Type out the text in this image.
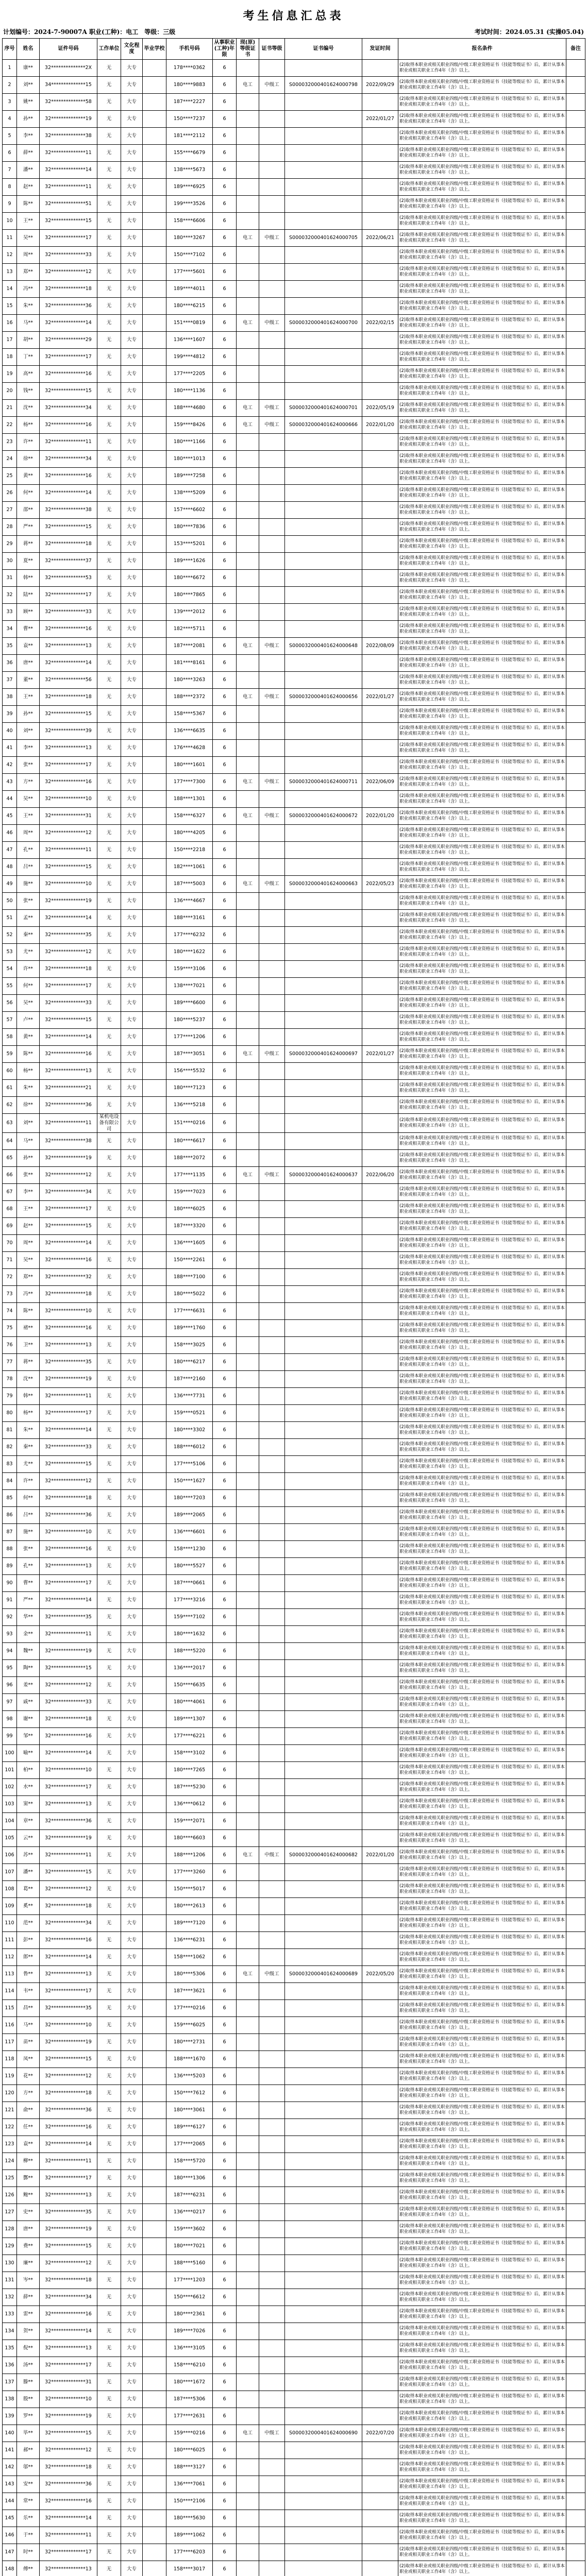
考生信息汇总表
计划编号：2024-7-90007A 职业(工种)：电工　等级：三级	考试时间：2024.05.31 (实操05.04)
序号	姓名	证件号码	工作单位	文化程度	毕业学校	手机号码	从事职业(工种)年限	现(原)等级证书	证书等级	证书编号	发证时间	报名条件	备注
1	康**	32**************2X	无	大专		178****0362	6					(2)取得本职业或相关职业四级/中级工职业资格证书（技能等级证书）后，累计从事本职业或相关职业工作4年（含）以上。	
2	刘**	34**************15	无	大专		180****9883	6	电工	中级工	S000032000401624000798	2022/09/29	(2)取得本职业或相关职业四级/中级工职业资格证书（技能等级证书）后，累计从事本职业或相关职业工作4年（含）以上。	
3	姚**	32**************58	无	大专		187****2227	6					(2)取得本职业或相关职业四级/中级工职业资格证书（技能等级证书）后，累计从事本职业或相关职业工作4年（含）以上。	
4	孙**	32**************19	无	大专		150****7237	6				2022/01/27	(2)取得本职业或相关职业四级/中级工职业资格证书（技能等级证书）后，累计从事本职业或相关职业工作4年（含）以上。	
5	李**	32**************38	无	大专		181****2112	6					(2)取得本职业或相关职业四级/中级工职业资格证书（技能等级证书）后，累计从事本职业或相关职业工作4年（含）以上。	
6	薛**	32**************11	无	大专		155****6679	6					(2)取得本职业或相关职业四级/中级工职业资格证书（技能等级证书）后，累计从事本职业或相关职业工作4年（含）以上。	
7	潘**	32**************14	无	大专		138****5673	6					(2)取得本职业或相关职业四级/中级工职业资格证书（技能等级证书）后，累计从事本职业或相关职业工作4年（含）以上。	
8	赵**	32**************11	无	大专		189****6925	6					(2)取得本职业或相关职业四级/中级工职业资格证书（技能等级证书）后，累计从事本职业或相关职业工作4年（含）以上。	
9	陈**	32**************51	无	大专		199****3526	6					(2)取得本职业或相关职业四级/中级工职业资格证书（技能等级证书）后，累计从事本职业或相关职业工作4年（含）以上。	
10	王**	32**************15	无	大专		158****6606	6					(2)取得本职业或相关职业四级/中级工职业资格证书（技能等级证书）后，累计从事本职业或相关职业工作4年（含）以上。	
11	吴**	32**************17	无	大专		180****3267	6	电工	中级工	S000032000401624000705	2022/06/21	(2)取得本职业或相关职业四级/中级工职业资格证书（技能等级证书）后，累计从事本职业或相关职业工作4年（含）以上。	
12	周**	32**************33	无	大专		150****7102	6					(2)取得本职业或相关职业四级/中级工职业资格证书（技能等级证书）后，累计从事本职业或相关职业工作4年（含）以上。	
13	郑**	32**************12	无	大专		177****5601	6					(2)取得本职业或相关职业四级/中级工职业资格证书（技能等级证书）后，累计从事本职业或相关职业工作4年（含）以上。	
14	冯**	32**************18	无	大专		189****4011	6					(2)取得本职业或相关职业四级/中级工职业资格证书（技能等级证书）后，累计从事本职业或相关职业工作4年（含）以上。	
15	朱**	32**************36	无	大专		180****6215	6					(2)取得本职业或相关职业四级/中级工职业资格证书（技能等级证书）后，累计从事本职业或相关职业工作4年（含）以上。	
16	马**	32**************14	无	大专		151****0819	6	电工	中级工	S000032000401624000700	2022/02/15	(2)取得本职业或相关职业四级/中级工职业资格证书（技能等级证书）后，累计从事本职业或相关职业工作4年（含）以上。	
17	胡**	32**************29	无	大专		136****1607	6					(2)取得本职业或相关职业四级/中级工职业资格证书（技能等级证书）后，累计从事本职业或相关职业工作4年（含）以上。	
18	丁**	32**************17	无	大专		199****4812	6					(2)取得本职业或相关职业四级/中级工职业资格证书（技能等级证书）后，累计从事本职业或相关职业工作4年（含）以上。	
19	高**	32**************16	无	大专		177****2205	6					(2)取得本职业或相关职业四级/中级工职业资格证书（技能等级证书）后，累计从事本职业或相关职业工作4年（含）以上。	
20	钱**	32**************15	无	大专		180****1136	6					(2)取得本职业或相关职业四级/中级工职业资格证书（技能等级证书）后，累计从事本职业或相关职业工作4年（含）以上。	
21	沈**	32**************34	无	大专		188****4680	6	电工	中级工	S000032000401624000701	2022/05/19	(2)取得本职业或相关职业四级/中级工职业资格证书（技能等级证书）后，累计从事本职业或相关职业工作4年（含）以上。	
22	杨**	32**************16	无	大专		159****8426	6	电工	中级工	S000032000401624000666	2022/01/20	(2)取得本职业或相关职业四级/中级工职业资格证书（技能等级证书）后，累计从事本职业或相关职业工作4年（含）以上。	
23	许**	32**************11	无	大专		180****1166	6					(2)取得本职业或相关职业四级/中级工职业资格证书（技能等级证书）后，累计从事本职业或相关职业工作4年（含）以上。	
24	徐**	32**************34	无	大专		180****1013	6					(2)取得本职业或相关职业四级/中级工职业资格证书（技能等级证书）后，累计从事本职业或相关职业工作4年（含）以上。	
25	黄**	32**************16	无	大专		189****7258	6					(2)取得本职业或相关职业四级/中级工职业资格证书（技能等级证书）后，累计从事本职业或相关职业工作4年（含）以上。	
26	何**	32**************14	无	大专		138****5209	6					(2)取得本职业或相关职业四级/中级工职业资格证书（技能等级证书）后，累计从事本职业或相关职业工作4年（含）以上。	
27	邵**	32**************38	无	大专		157****6602	6					(2)取得本职业或相关职业四级/中级工职业资格证书（技能等级证书）后，累计从事本职业或相关职业工作4年（含）以上。	
28	严**	32**************15	无	大专		180****7836	6					(2)取得本职业或相关职业四级/中级工职业资格证书（技能等级证书）后，累计从事本职业或相关职业工作4年（含）以上。	
29	蒋**	32**************18	无	大专		153****5201	6					(2)取得本职业或相关职业四级/中级工职业资格证书（技能等级证书）后，累计从事本职业或相关职业工作4年（含）以上。	
30	夏**	32**************37	无	大专		189****1626	6					(2)取得本职业或相关职业四级/中级工职业资格证书（技能等级证书）后，累计从事本职业或相关职业工作4年（含）以上。	
31	韩**	32**************53	无	大专		180****6672	6					(2)取得本职业或相关职业四级/中级工职业资格证书（技能等级证书）后，累计从事本职业或相关职业工作4年（含）以上。	
32	陆**	32**************17	无	大专		180****7865	6					(2)取得本职业或相关职业四级/中级工职业资格证书（技能等级证书）后，累计从事本职业或相关职业工作4年（含）以上。	
33	顾**	32**************33	无	大专		139****2012	6					(2)取得本职业或相关职业四级/中级工职业资格证书（技能等级证书）后，累计从事本职业或相关职业工作4年（含）以上。	
34	曹**	32**************16	无	大专		182****5711	6					(2)取得本职业或相关职业四级/中级工职业资格证书（技能等级证书）后，累计从事本职业或相关职业工作4年（含）以上。	
35	袁**	32**************13	无	大专		187****2081	6	电工	中级工	S000032000401624000648	2022/08/09	(2)取得本职业或相关职业四级/中级工职业资格证书（技能等级证书）后，累计从事本职业或相关职业工作4年（含）以上。	
36	唐**	32**************14	无	大专		181****8161	6					(2)取得本职业或相关职业四级/中级工职业资格证书（技能等级证书）后，累计从事本职业或相关职业工作4年（含）以上。	
37	董**	32**************56	无	大专		180****3263	6					(2)取得本职业或相关职业四级/中级工职业资格证书（技能等级证书）后，累计从事本职业或相关职业工作4年（含）以上。	
38	王**	32**************18	无	大专		188****2372	6	电工	中级工	S000032000401624000656	2022/01/27	(2)取得本职业或相关职业四级/中级工职业资格证书（技能等级证书）后，累计从事本职业或相关职业工作4年（含）以上。	
39	孙**	32**************15	无	大专		158****5367	6					(2)取得本职业或相关职业四级/中级工职业资格证书（技能等级证书）后，累计从事本职业或相关职业工作4年（含）以上。	
40	刘**	32**************39	无	大专		136****6635	6					(2)取得本职业或相关职业四级/中级工职业资格证书（技能等级证书）后，累计从事本职业或相关职业工作4年（含）以上。	
41	李**	32**************13	无	大专		176****4628	6					(2)取得本职业或相关职业四级/中级工职业资格证书（技能等级证书）后，累计从事本职业或相关职业工作4年（含）以上。	
42	张**	32**************17	无	大专		180****1601	6					(2)取得本职业或相关职业四级/中级工职业资格证书（技能等级证书）后，累计从事本职业或相关职业工作4年（含）以上。	
43	方**	32**************16	无	大专		177****7300	6	电工	中级工	S000032000401624000711	2022/06/09	(2)取得本职业或相关职业四级/中级工职业资格证书（技能等级证书）后，累计从事本职业或相关职业工作4年（含）以上。	
44	吴**	32**************10	无	大专		188****1301	6					(2)取得本职业或相关职业四级/中级工职业资格证书（技能等级证书）后，累计从事本职业或相关职业工作4年（含）以上。	
45	王**	32**************31	无	大专		158****6327	6	电工	中级工	S000032000401624000672	2022/01/20	(2)取得本职业或相关职业四级/中级工职业资格证书（技能等级证书）后，累计从事本职业或相关职业工作4年（含）以上。	
46	周**	32**************12	无	大专		180****4205	6					(2)取得本职业或相关职业四级/中级工职业资格证书（技能等级证书）后，累计从事本职业或相关职业工作4年（含）以上。	
47	孔**	32**************11	无	大专		150****2218	6					(2)取得本职业或相关职业四级/中级工职业资格证书（技能等级证书）后，累计从事本职业或相关职业工作4年（含）以上。	
48	吕**	32**************15	无	大专		182****1061	6					(2)取得本职业或相关职业四级/中级工职业资格证书（技能等级证书）后，累计从事本职业或相关职业工作4年（含）以上。	
49	施**	32**************10	无	大专		187****5003	6	电工	中级工	S000032000401624000663	2022/05/23	(2)取得本职业或相关职业四级/中级工职业资格证书（技能等级证书）后，累计从事本职业或相关职业工作4年（含）以上。	
50	张**	32**************19	无	大专		136****4667	6					(2)取得本职业或相关职业四级/中级工职业资格证书（技能等级证书）后，累计从事本职业或相关职业工作4年（含）以上。	
51	孟**	32**************14	无	大专		188****3161	6					(2)取得本职业或相关职业四级/中级工职业资格证书（技能等级证书）后，累计从事本职业或相关职业工作4年（含）以上。	
52	秦**	32**************35	无	大专		177****6232	6					(2)取得本职业或相关职业四级/中级工职业资格证书（技能等级证书）后，累计从事本职业或相关职业工作4年（含）以上。	
53	尤**	32**************12	无	大专		180****1622	6					(2)取得本职业或相关职业四级/中级工职业资格证书（技能等级证书）后，累计从事本职业或相关职业工作4年（含）以上。	
54	许**	32**************18	无	大专		159****3106	6					(2)取得本职业或相关职业四级/中级工职业资格证书（技能等级证书）后，累计从事本职业或相关职业工作4年（含）以上。	
55	何**	32**************17	无	大专		138****7021	6					(2)取得本职业或相关职业四级/中级工职业资格证书（技能等级证书）后，累计从事本职业或相关职业工作4年（含）以上。	
56	吴**	32**************33	无	大专		189****6600	6					(2)取得本职业或相关职业四级/中级工职业资格证书（技能等级证书）后，累计从事本职业或相关职业工作4年（含）以上。	
57	卢**	32**************15	无	大专		180****5237	6					(2)取得本职业或相关职业四级/中级工职业资格证书（技能等级证书）后，累计从事本职业或相关职业工作4年（含）以上。	
58	黄**	32**************14	无	大专		177****1206	6					(2)取得本职业或相关职业四级/中级工职业资格证书（技能等级证书）后，累计从事本职业或相关职业工作4年（含）以上。	
59	陈**	32**************16	无	大专		187****3051	6	电工	中级工	S000032000401624000697	2022/01/27	(2)取得本职业或相关职业四级/中级工职业资格证书（技能等级证书）后，累计从事本职业或相关职业工作4年（含）以上。	
60	杨**	32**************13	无	大专		156****5532	6					(2)取得本职业或相关职业四级/中级工职业资格证书（技能等级证书）后，累计从事本职业或相关职业工作4年（含）以上。	
61	朱**	32**************21	无	大专		180****7123	6					(2)取得本职业或相关职业四级/中级工职业资格证书（技能等级证书）后，累计从事本职业或相关职业工作4年（含）以上。	
62	徐**	32**************36	无	大专		136****5218	6					(2)取得本职业或相关职业四级/中级工职业资格证书（技能等级证书）后，累计从事本职业或相关职业工作4年（含）以上。	
63	刘**	32**************11	某机电设备有限公司	大专		151****0216	6					(2)取得本职业或相关职业四级/中级工职业资格证书（技能等级证书）后，累计从事本职业或相关职业工作4年（含）以上。	
64	马**	32**************38	无	大专		180****6617	6					(2)取得本职业或相关职业四级/中级工职业资格证书（技能等级证书）后，累计从事本职业或相关职业工作4年（含）以上。	
65	孙**	32**************19	无	大专		188****2072	6					(2)取得本职业或相关职业四级/中级工职业资格证书（技能等级证书）后，累计从事本职业或相关职业工作4年（含）以上。	
66	张**	32**************12	无	大专		177****1135	6	电工	中级工	S000032000401624000637	2022/06/20	(2)取得本职业或相关职业四级/中级工职业资格证书（技能等级证书）后，累计从事本职业或相关职业工作4年（含）以上。	
67	李**	32**************34	无	大专		159****7023	6					(2)取得本职业或相关职业四级/中级工职业资格证书（技能等级证书）后，累计从事本职业或相关职业工作4年（含）以上。	
68	王**	32**************17	无	大专		180****6025	6					(2)取得本职业或相关职业四级/中级工职业资格证书（技能等级证书）后，累计从事本职业或相关职业工作4年（含）以上。	
69	赵**	32**************15	无	大专		187****3320	6					(2)取得本职业或相关职业四级/中级工职业资格证书（技能等级证书）后，累计从事本职业或相关职业工作4年（含）以上。	
70	周**	32**************14	无	大专		136****1605	6					(2)取得本职业或相关职业四级/中级工职业资格证书（技能等级证书）后，累计从事本职业或相关职业工作4年（含）以上。	
71	吴**	32**************16	无	大专		150****2261	6					(2)取得本职业或相关职业四级/中级工职业资格证书（技能等级证书）后，累计从事本职业或相关职业工作4年（含）以上。	
72	郑**	32**************32	无	大专		188****7100	6					(2)取得本职业或相关职业四级/中级工职业资格证书（技能等级证书）后，累计从事本职业或相关职业工作4年（含）以上。	
73	冯**	32**************18	无	大专		180****5022	6					(2)取得本职业或相关职业四级/中级工职业资格证书（技能等级证书）后，累计从事本职业或相关职业工作4年（含）以上。	
74	陈**	32**************10	无	大专		177****6631	6					(2)取得本职业或相关职业四级/中级工职业资格证书（技能等级证书）后，累计从事本职业或相关职业工作4年（含）以上。	
75	褚**	32**************16	无	大专		189****1760	6					(2)取得本职业或相关职业四级/中级工职业资格证书（技能等级证书）后，累计从事本职业或相关职业工作4年（含）以上。	
76	卫**	32**************13	无	大专		158****3025	6					(2)取得本职业或相关职业四级/中级工职业资格证书（技能等级证书）后，累计从事本职业或相关职业工作4年（含）以上。	
77	蒋**	32**************35	无	大专		180****6217	6					(2)取得本职业或相关职业四级/中级工职业资格证书（技能等级证书）后，累计从事本职业或相关职业工作4年（含）以上。	
78	沈**	32**************19	无	大专		187****2160	6					(2)取得本职业或相关职业四级/中级工职业资格证书（技能等级证书）后，累计从事本职业或相关职业工作4年（含）以上。	
79	韩**	32**************11	无	大专		136****7731	6					(2)取得本职业或相关职业四级/中级工职业资格证书（技能等级证书）后，累计从事本职业或相关职业工作4年（含）以上。	
80	杨**	32**************17	无	大专		159****0521	6					(2)取得本职业或相关职业四级/中级工职业资格证书（技能等级证书）后，累计从事本职业或相关职业工作4年（含）以上。	
81	朱**	32**************14	无	大专		180****3302	6					(2)取得本职业或相关职业四级/中级工职业资格证书（技能等级证书）后，累计从事本职业或相关职业工作4年（含）以上。	
82	秦**	32**************33	无	大专		188****6012	6					(2)取得本职业或相关职业四级/中级工职业资格证书（技能等级证书）后，累计从事本职业或相关职业工作4年（含）以上。	
83	尤**	32**************15	无	大专		177****5106	6					(2)取得本职业或相关职业四级/中级工职业资格证书（技能等级证书）后，累计从事本职业或相关职业工作4年（含）以上。	
84	许**	32**************12	无	大专		150****1627	6					(2)取得本职业或相关职业四级/中级工职业资格证书（技能等级证书）后，累计从事本职业或相关职业工作4年（含）以上。	
85	何**	32**************18	无	大专		180****7203	6					(2)取得本职业或相关职业四级/中级工职业资格证书（技能等级证书）后，累计从事本职业或相关职业工作4年（含）以上。	
86	吕**	32**************36	无	大专		189****2065	6					(2)取得本职业或相关职业四级/中级工职业资格证书（技能等级证书）后，累计从事本职业或相关职业工作4年（含）以上。	
87	施**	32**************10	无	大专		136****6601	6					(2)取得本职业或相关职业四级/中级工职业资格证书（技能等级证书）后，累计从事本职业或相关职业工作4年（含）以上。	
88	张**	32**************16	无	大专		158****1230	6					(2)取得本职业或相关职业四级/中级工职业资格证书（技能等级证书）后，累计从事本职业或相关职业工作4年（含）以上。	
89	孔**	32**************13	无	大专		180****5527	6					(2)取得本职业或相关职业四级/中级工职业资格证书（技能等级证书）后，累计从事本职业或相关职业工作4年（含）以上。	
90	曹**	32**************17	无	大专		187****0661	6					(2)取得本职业或相关职业四级/中级工职业资格证书（技能等级证书）后，累计从事本职业或相关职业工作4年（含）以上。	
91	严**	32**************14	无	大专		177****3216	6					(2)取得本职业或相关职业四级/中级工职业资格证书（技能等级证书）后，累计从事本职业或相关职业工作4年（含）以上。	
92	华**	32**************35	无	大专		159****7102	6					(2)取得本职业或相关职业四级/中级工职业资格证书（技能等级证书）后，累计从事本职业或相关职业工作4年（含）以上。	
93	金**	32**************11	无	大专		180****1632	6					(2)取得本职业或相关职业四级/中级工职业资格证书（技能等级证书）后，累计从事本职业或相关职业工作4年（含）以上。	
94	魏**	32**************19	无	大专		188****5220	6					(2)取得本职业或相关职业四级/中级工职业资格证书（技能等级证书）后，累计从事本职业或相关职业工作4年（含）以上。	
95	陶**	32**************15	无	大专		136****2017	6					(2)取得本职业或相关职业四级/中级工职业资格证书（技能等级证书）后，累计从事本职业或相关职业工作4年（含）以上。	
96	姜**	32**************12	无	大专		150****6635	6					(2)取得本职业或相关职业四级/中级工职业资格证书（技能等级证书）后，累计从事本职业或相关职业工作4年（含）以上。	
97	戚**	32**************33	无	大专		180****4061	6					(2)取得本职业或相关职业四级/中级工职业资格证书（技能等级证书）后，累计从事本职业或相关职业工作4年（含）以上。	
98	谢**	32**************18	无	大专		189****1307	6					(2)取得本职业或相关职业四级/中级工职业资格证书（技能等级证书）后，累计从事本职业或相关职业工作4年（含）以上。	
99	邹**	32**************16	无	大专		177****6221	6					(2)取得本职业或相关职业四级/中级工职业资格证书（技能等级证书）后，累计从事本职业或相关职业工作4年（含）以上。	
100	喻**	32**************14	无	大专		158****3102	6					(2)取得本职业或相关职业四级/中级工职业资格证书（技能等级证书）后，累计从事本职业或相关职业工作4年（含）以上。	
101	柏**	32**************10	无	大专		180****7265	6					(2)取得本职业或相关职业四级/中级工职业资格证书（技能等级证书）后，累计从事本职业或相关职业工作4年（含）以上。	
102	水**	32**************17	无	大专		187****5230	6					(2)取得本职业或相关职业四级/中级工职业资格证书（技能等级证书）后，累计从事本职业或相关职业工作4年（含）以上。	
103	窦**	32**************13	无	大专		136****0612	6					(2)取得本职业或相关职业四级/中级工职业资格证书（技能等级证书）后，累计从事本职业或相关职业工作4年（含）以上。	
104	章**	32**************36	无	大专		159****2071	6					(2)取得本职业或相关职业四级/中级工职业资格证书（技能等级证书）后，累计从事本职业或相关职业工作4年（含）以上。	
105	云**	32**************19	无	大专		180****6603	6					(2)取得本职业或相关职业四级/中级工职业资格证书（技能等级证书）后，累计从事本职业或相关职业工作4年（含）以上。	
106	苏**	32**************11	无	大专		188****1206	6	电工	中级工	S000032000401624000682	2022/01/20	(2)取得本职业或相关职业四级/中级工职业资格证书（技能等级证书）后，累计从事本职业或相关职业工作4年（含）以上。	
107	潘**	32**************15	无	大专		177****3260	6					(2)取得本职业或相关职业四级/中级工职业资格证书（技能等级证书）后，累计从事本职业或相关职业工作4年（含）以上。	
108	葛**	32**************12	无	大专		150****5017	6					(2)取得本职业或相关职业四级/中级工职业资格证书（技能等级证书）后，累计从事本职业或相关职业工作4年（含）以上。	
109	奚**	32**************18	无	大专		180****2613	6					(2)取得本职业或相关职业四级/中级工职业资格证书（技能等级证书）后，累计从事本职业或相关职业工作4年（含）以上。	
110	范**	32**************34	无	大专		189****7120	6					(2)取得本职业或相关职业四级/中级工职业资格证书（技能等级证书）后，累计从事本职业或相关职业工作4年（含）以上。	
111	彭**	32**************16	无	大专		136****6231	6					(2)取得本职业或相关职业四级/中级工职业资格证书（技能等级证书）后，累计从事本职业或相关职业工作4年（含）以上。	
112	郎**	32**************14	无	大专		158****1062	6					(2)取得本职业或相关职业四级/中级工职业资格证书（技能等级证书）后，累计从事本职业或相关职业工作4年（含）以上。	
113	鲁**	32**************13	无	大专		180****5306	6	电工	中级工	S000032000401624000689	2022/05/20	(2)取得本职业或相关职业四级/中级工职业资格证书（技能等级证书）后，累计从事本职业或相关职业工作4年（含）以上。	
114	韦**	32**************17	无	大专		187****3621	6					(2)取得本职业或相关职业四级/中级工职业资格证书（技能等级证书）后，累计从事本职业或相关职业工作4年（含）以上。	
115	昌**	32**************35	无	大专		177****0216	6					(2)取得本职业或相关职业四级/中级工职业资格证书（技能等级证书）后，累计从事本职业或相关职业工作4年（含）以上。	
116	马**	32**************10	无	大专		159****6025	6					(2)取得本职业或相关职业四级/中级工职业资格证书（技能等级证书）后，累计从事本职业或相关职业工作4年（含）以上。	
117	苗**	32**************19	无	大专		180****2731	6					(2)取得本职业或相关职业四级/中级工职业资格证书（技能等级证书）后，累计从事本职业或相关职业工作4年（含）以上。	
118	凤**	32**************15	无	大专		188****1670	6					(2)取得本职业或相关职业四级/中级工职业资格证书（技能等级证书）后，累计从事本职业或相关职业工作4年（含）以上。	
119	花**	32**************12	无	大专		136****5203	6					(2)取得本职业或相关职业四级/中级工职业资格证书（技能等级证书）后，累计从事本职业或相关职业工作4年（含）以上。	
120	方**	32**************18	无	大专		150****7612	6					(2)取得本职业或相关职业四级/中级工职业资格证书（技能等级证书）后，累计从事本职业或相关职业工作4年（含）以上。	
121	俞**	32**************36	无	大专		180****3061	6					(2)取得本职业或相关职业四级/中级工职业资格证书（技能等级证书）后，累计从事本职业或相关职业工作4年（含）以上。	
122	任**	32**************16	无	大专		189****6127	6					(2)取得本职业或相关职业四级/中级工职业资格证书（技能等级证书）后，累计从事本职业或相关职业工作4年（含）以上。	
123	袁**	32**************14	无	大专		177****2065	6					(2)取得本职业或相关职业四级/中级工职业资格证书（技能等级证书）后，累计从事本职业或相关职业工作4年（含）以上。	
124	柳**	32**************11	无	大专		158****5720	6					(2)取得本职业或相关职业四级/中级工职业资格证书（技能等级证书）后，累计从事本职业或相关职业工作4年（含）以上。	
125	酆**	32**************17	无	大专		180****1306	6					(2)取得本职业或相关职业四级/中级工职业资格证书（技能等级证书）后，累计从事本职业或相关职业工作4年（含）以上。	
126	鲍**	32**************13	无	大专		187****6231	6					(2)取得本职业或相关职业四级/中级工职业资格证书（技能等级证书）后，累计从事本职业或相关职业工作4年（含）以上。	
127	史**	32**************35	无	大专		136****0217	6					(2)取得本职业或相关职业四级/中级工职业资格证书（技能等级证书）后，累计从事本职业或相关职业工作4年（含）以上。	
128	唐**	32**************19	无	大专		159****3602	6					(2)取得本职业或相关职业四级/中级工职业资格证书（技能等级证书）后，累计从事本职业或相关职业工作4年（含）以上。	
129	费**	32**************15	无	大专		180****7021	6					(2)取得本职业或相关职业四级/中级工职业资格证书（技能等级证书）后，累计从事本职业或相关职业工作4年（含）以上。	
130	廉**	32**************12	无	大专		188****5160	6					(2)取得本职业或相关职业四级/中级工职业资格证书（技能等级证书）后，累计从事本职业或相关职业工作4年（含）以上。	
131	岑**	32**************18	无	大专		177****1203	6					(2)取得本职业或相关职业四级/中级工职业资格证书（技能等级证书）后，累计从事本职业或相关职业工作4年（含）以上。	
132	薛**	32**************34	无	大专		150****6612	6					(2)取得本职业或相关职业四级/中级工职业资格证书（技能等级证书）后，累计从事本职业或相关职业工作4年（含）以上。	
133	雷**	32**************16	无	大专		180****2361	6					(2)取得本职业或相关职业四级/中级工职业资格证书（技能等级证书）后，累计从事本职业或相关职业工作4年（含）以上。	
134	贺**	32**************14	无	大专		189****7026	6					(2)取得本职业或相关职业四级/中级工职业资格证书（技能等级证书）后，累计从事本职业或相关职业工作4年（含）以上。	
135	倪**	32**************13	无	大专		136****3105	6					(2)取得本职业或相关职业四级/中级工职业资格证书（技能等级证书）后，累计从事本职业或相关职业工作4年（含）以上。	
136	汤**	32**************17	无	大专		158****6210	6					(2)取得本职业或相关职业四级/中级工职业资格证书（技能等级证书）后，累计从事本职业或相关职业工作4年（含）以上。	
137	滕**	32**************31	无	大专		180****1672	6					(2)取得本职业或相关职业四级/中级工职业资格证书（技能等级证书）后，累计从事本职业或相关职业工作4年（含）以上。	
138	殷**	32**************10	无	大专		187****5306	6					(2)取得本职业或相关职业四级/中级工职业资格证书（技能等级证书）后，累计从事本职业或相关职业工作4年（含）以上。	
139	罗**	32**************19	无	大专		177****2631	6					(2)取得本职业或相关职业四级/中级工职业资格证书（技能等级证书）后，累计从事本职业或相关职业工作4年（含）以上。	
140	毕**	32**************15	无	大专		159****0216	6	电工	中级工	S000032000401624000690	2022/07/20	(2)取得本职业或相关职业四级/中级工职业资格证书（技能等级证书）后，累计从事本职业或相关职业工作4年（含）以上。	
141	郝**	32**************12	无	大专		180****6025	6					(2)取得本职业或相关职业四级/中级工职业资格证书（技能等级证书）后，累计从事本职业或相关职业工作4年（含）以上。	
142	邬**	32**************18	无	大专		188****3127	6					(2)取得本职业或相关职业四级/中级工职业资格证书（技能等级证书）后，累计从事本职业或相关职业工作4年（含）以上。	
143	安**	32**************36	无	大专		136****7061	6					(2)取得本职业或相关职业四级/中级工职业资格证书（技能等级证书）后，累计从事本职业或相关职业工作4年（含）以上。	
144	常**	32**************16	无	大专		150****2106	6					(2)取得本职业或相关职业四级/中级工职业资格证书（技能等级证书）后，累计从事本职业或相关职业工作4年（含）以上。	
145	乐**	32**************14	无	大专		180****5630	6					(2)取得本职业或相关职业四级/中级工职业资格证书（技能等级证书）后，累计从事本职业或相关职业工作4年（含）以上。	
146	于**	32**************11	无	大专		189****1062	6					(2)取得本职业或相关职业四级/中级工职业资格证书（技能等级证书）后，累计从事本职业或相关职业工作4年（含）以上。	
147	时**	32**************17	无	大专		177****6203	6					(2)取得本职业或相关职业四级/中级工职业资格证书（技能等级证书）后，累计从事本职业或相关职业工作4年（含）以上。	
148	傅**	32**************13	无	大专		158****3017	6					(2)取得本职业或相关职业四级/中级工职业资格证书（技能等级证书）后，累计从事本职业或相关职业工作4年（含）以上。	
